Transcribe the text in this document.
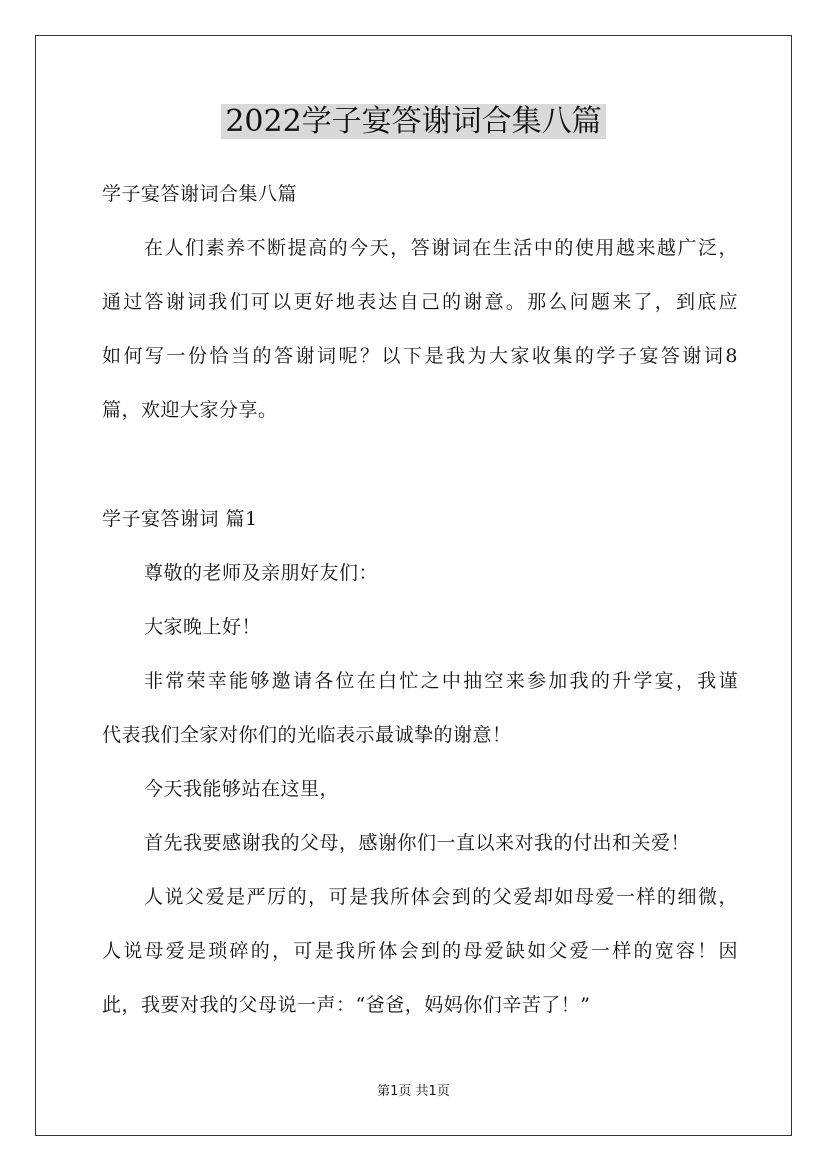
2022学子宴答谢词合集八篇
学子宴答谢词合集八篇
在人们素养不断提高的今天，答谢词在生活中的使用越来越广泛，
通过答谢词我们可以更好地表达自己的谢意。那么问题来了，到底应
如何写一份恰当的答谢词呢？以下是我为大家收集的学子宴答谢词8
篇，欢迎大家分享。
学子宴答谢词 篇1
尊敬的老师及亲朋好友们：
大家晚上好！
非常荣幸能够邀请各位在白忙之中抽空来参加我的升学宴，我谨
代表我们全家对你们的光临表示最诚挚的谢意！
今天我能够站在这里，
首先我要感谢我的父母，感谢你们一直以来对我的付出和关爱！
人说父爱是严厉的，可是我所体会到的父爱却如母爱一样的细微，
人说母爱是琐碎的，可是我所体会到的母爱缺如父爱一样的宽容！因
此，我要对我的父母说一声：“爸爸，妈妈你们辛苦了！”
第1页 共1页
